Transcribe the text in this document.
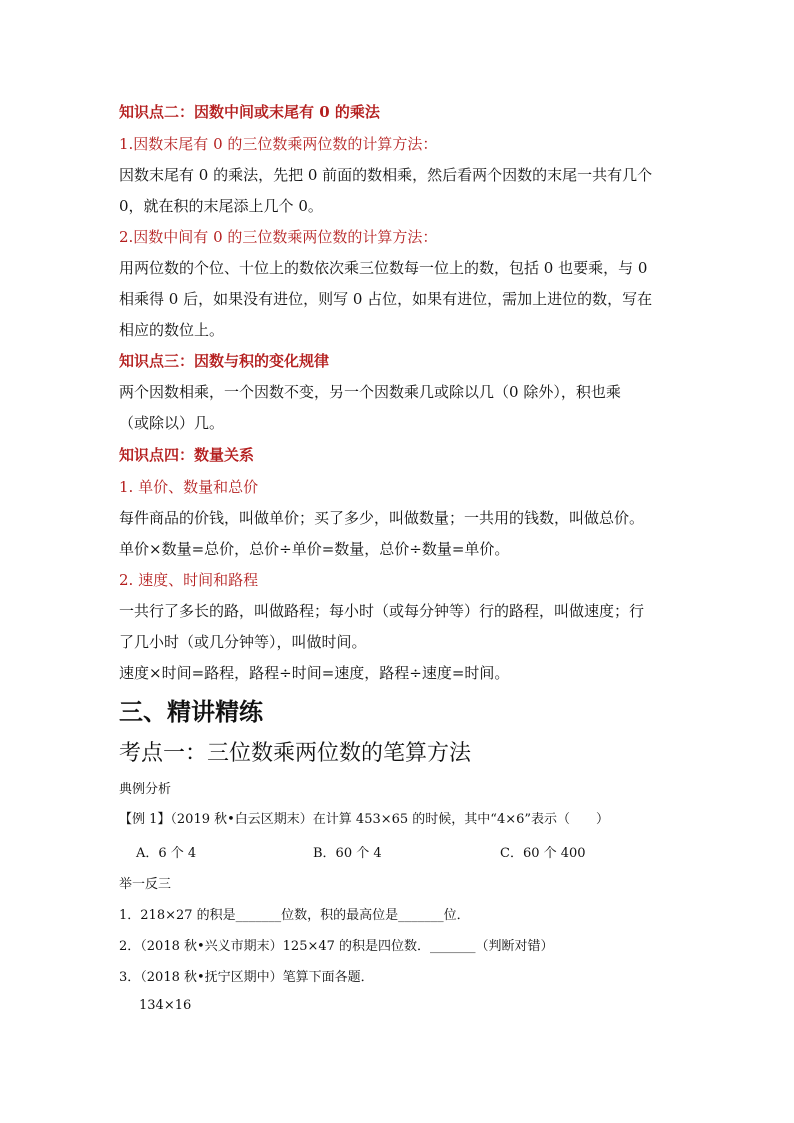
知识点二：因数中间或末尾有 0 的乘法
1.因数末尾有 0 的三位数乘两位数的计算方法：
因数末尾有 0 的乘法，先把 0 前面的数相乘，然后看两个因数的末尾一共有几个
0，就在积的末尾添上几个 0。
2.因数中间有 0 的三位数乘两位数的计算方法：
用两位数的个位、十位上的数依次乘三位数每一位上的数，包括 0 也要乘，与 0
相乘得 0 后，如果没有进位，则写 0 占位，如果有进位，需加上进位的数，写在
相应的数位上。
知识点三：因数与积的变化规律
两个因数相乘，一个因数不变，另一个因数乘几或除以几（0 除外），积也乘
（或除以）几。
知识点四：数量关系
1. 单价、数量和总价
每件商品的价钱，叫做单价；买了多少，叫做数量；一共用的钱数，叫做总价。
单价×数量=总价，总价÷单价=数量，总价÷数量=单价。
2. 速度、时间和路程
一共行了多长的路，叫做路程；每小时（或每分钟等）行的路程，叫做速度；行
了几小时（或几分钟等），叫做时间。
速度×时间=路程，路程÷时间=速度，路程÷速度=时间。
三、精讲精练
考点一：三位数乘两位数的笔算方法
典例分析
【例 1】（2019 秋•白云区期末）在计算 453×65 的时候，其中“4×6”表示（　　）
A．6 个 4	B．60 个 4	C．60 个 400
举一反三
1．218×27 的积是_______位数，积的最高位是_______位．
2．（2018 秋•兴义市期末）125×47 的积是四位数．_______（判断对错）
3．（2018 秋•抚宁区期中）笔算下面各题．
134×16
